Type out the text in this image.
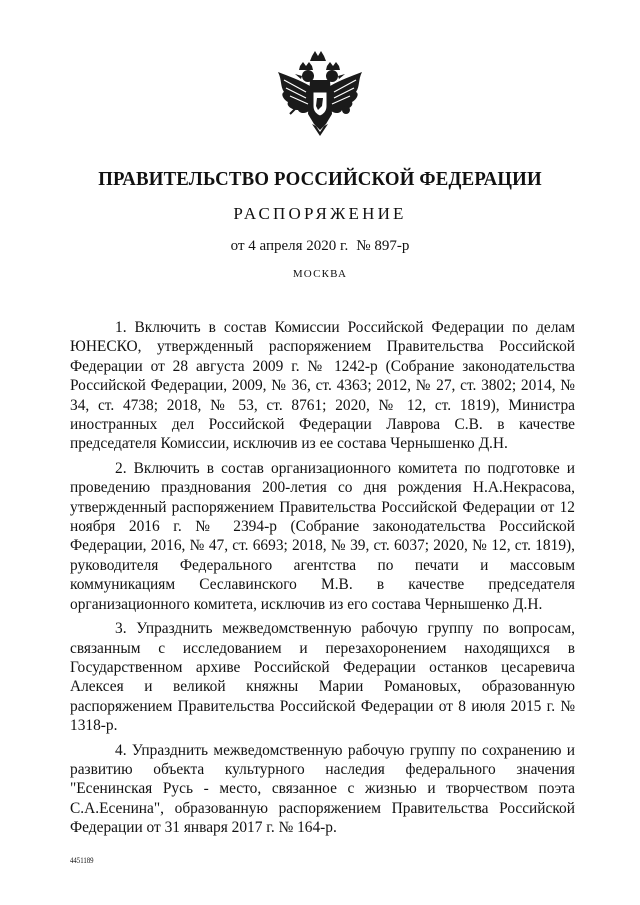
ПРАВИТЕЛЬСТВО РОССИЙСКОЙ ФЕДЕРАЦИИ
РАСПОРЯЖЕНИЕ
от 4 апреля 2020 г. № 897-р
МОСКВА

1. Включить в состав Комиссии Российской Федерации по делам ЮНЕСКО, утвержденный распоряжением Правительства Российской Федерации от 28 августа 2009 г. № 1242-р (Собрание законодательства Российской Федерации, 2009, № 36, ст. 4363; 2012, № 27, ст. 3802; 2014, № 34, ст. 4738; 2018, № 53, ст. 8761; 2020, № 12, ст. 1819), Министра иностранных дел Российской Федерации Лаврова С.В. в качестве председателя Комиссии, исключив из ее состава Чернышенко Д.Н.

2. Включить в состав организационного комитета по подготовке и проведению празднования 200-летия со дня рождения Н.А.Некрасова, утвержденный распоряжением Правительства Российской Федерации от 12 ноября 2016 г. № 2394-р (Собрание законодательства Российской Федерации, 2016, № 47, ст. 6693; 2018, № 39, ст. 6037; 2020, № 12, ст. 1819), руководителя Федерального агентства по печати и массовым коммуникациям Сеславинского М.В. в качестве председателя организационного комитета, исключив из его состава Чернышенко Д.Н.

3. Упразднить межведомственную рабочую группу по вопросам, связанным с исследованием и перезахоронением находящихся в Государственном архиве Российской Федерации останков цесаревича Алексея и великой княжны Марии Романовых, образованную распоряжением Правительства Российской Федерации от 8 июля 2015 г. № 1318-р.

4. Упразднить межведомственную рабочую группу по сохранению и развитию объекта культурного наследия федерального значения "Есенинская Русь - место, связанное с жизнью и творчеством поэта С.А.Есенина", образованную распоряжением Правительства Российской Федерации от 31 января 2017 г. № 164-р.

4451189
